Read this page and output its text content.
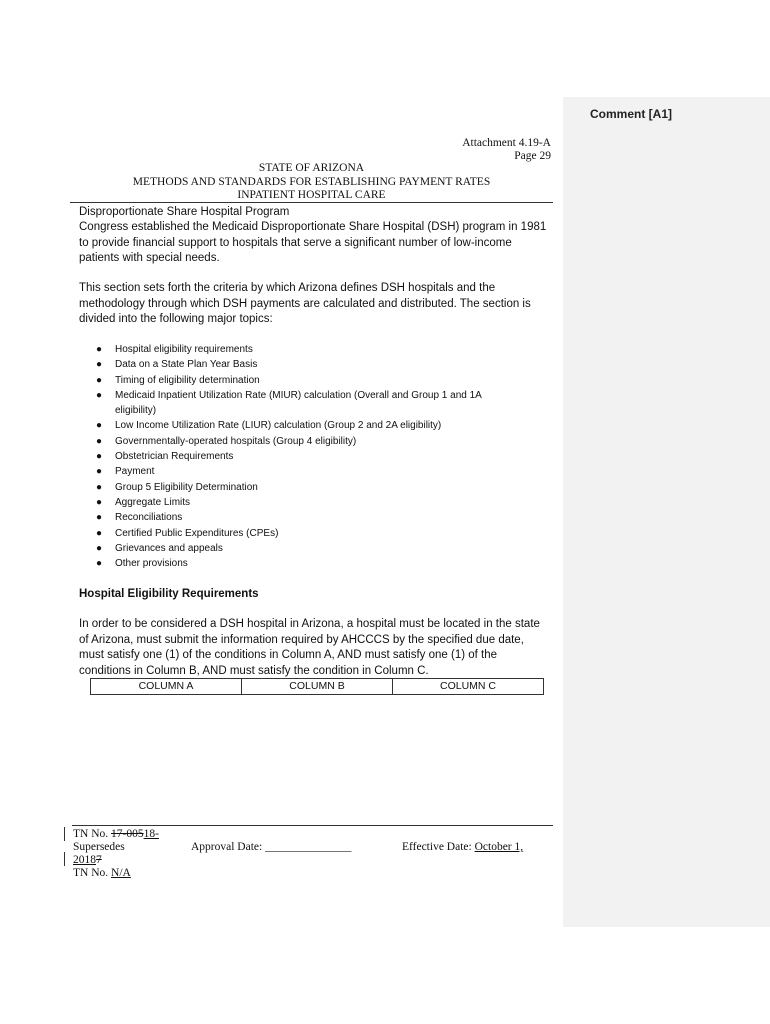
Comment [A1]
Attachment 4.19-A
Page 29
STATE OF ARIZONA
METHODS AND STANDARDS FOR ESTABLISHING PAYMENT RATES
INPATIENT HOSPITAL CARE
Disproportionate Share Hospital Program
Congress established the Medicaid Disproportionate Share Hospital (DSH) program in 1981 to provide financial support to hospitals that serve a significant number of low-income patients with special needs.
This section sets forth the criteria by which Arizona defines DSH hospitals and the methodology through which DSH payments are calculated and distributed. The section is divided into the following major topics:
● Hospital eligibility requirements
● Data on a State Plan Year Basis
● Timing of eligibility determination
● Medicaid Inpatient Utilization Rate (MIUR) calculation (Overall and Group 1 and 1A eligibility)
● Low Income Utilization Rate (LIUR) calculation (Group 2 and 2A eligibility)
● Governmentally-operated hospitals (Group 4 eligibility)
● Obstetrician Requirements
● Payment
● Group 5 Eligibility Determination
● Aggregate Limits
● Reconciliations
● Certified Public Expenditures (CPEs)
● Grievances and appeals
● Other provisions
Hospital Eligibility Requirements
In order to be considered a DSH hospital in Arizona, a hospital must be located in the state of Arizona, must submit the information required by AHCCCS by the specified due date, must satisfy one (1) of the conditions in Column A, AND must satisfy one (1) of the conditions in Column B, AND must satisfy the condition in Column C.
COLUMN A	COLUMN B	COLUMN C
TN No. 17-00518-
Supersedes
20187
TN No. N/A
Approval Date: _______________	Effective Date: October 1,
